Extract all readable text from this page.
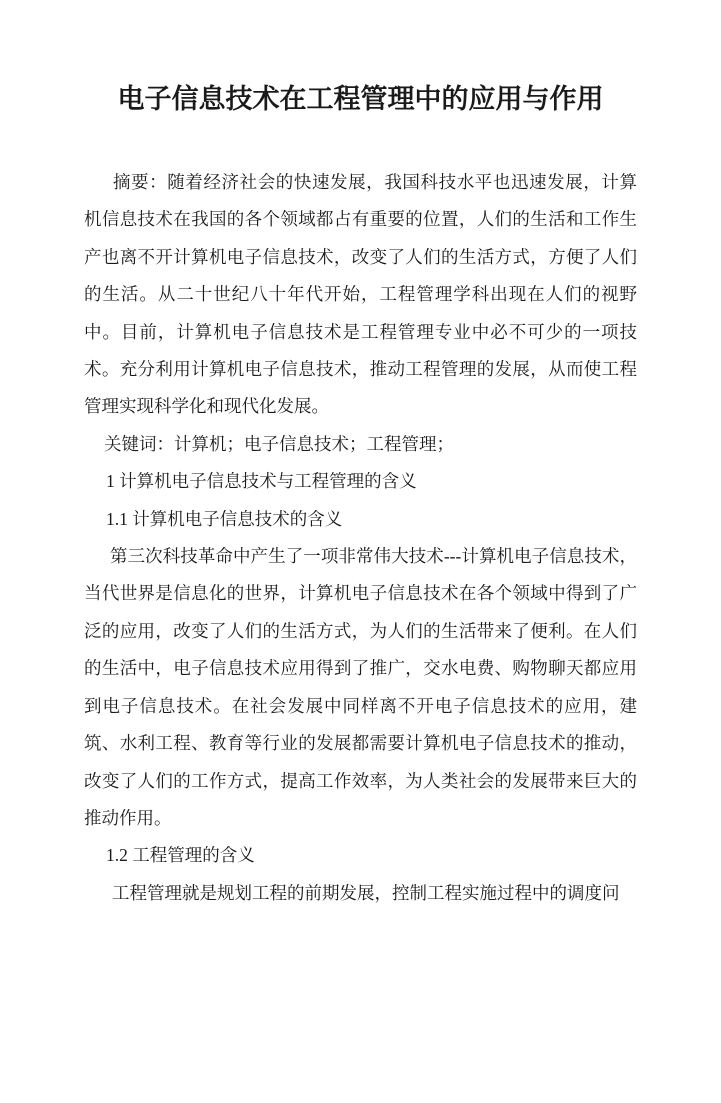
电子信息技术在工程管理中的应用与作用

摘要：随着经济社会的快速发展，我国科技水平也迅速发展，计算机信息技术在我国的各个领域都占有重要的位置，人们的生活和工作生产也离不开计算机电子信息技术，改变了人们的生活方式，方便了人们的生活。从二十世纪八十年代开始，工程管理学科出现在人们的视野中。目前，计算机电子信息技术是工程管理专业中必不可少的一项技术。充分利用计算机电子信息技术，推动工程管理的发展，从而使工程管理实现科学化和现代化发展。

关键词：计算机；电子信息技术；工程管理；

1 计算机电子信息技术与工程管理的含义

1.1 计算机电子信息技术的含义

第三次科技革命中产生了一项非常伟大技术---计算机电子信息技术，当代世界是信息化的世界，计算机电子信息技术在各个领域中得到了广泛的应用，改变了人们的生活方式，为人们的生活带来了便利。在人们的生活中，电子信息技术应用得到了推广，交水电费、购物聊天都应用到电子信息技术。在社会发展中同样离不开电子信息技术的应用，建筑、水利工程、教育等行业的发展都需要计算机电子信息技术的推动，改变了人们的工作方式，提高工作效率，为人类社会的发展带来巨大的推动作用。

1.2 工程管理的含义

工程管理就是规划工程的前期发展，控制工程实施过程中的调度问
